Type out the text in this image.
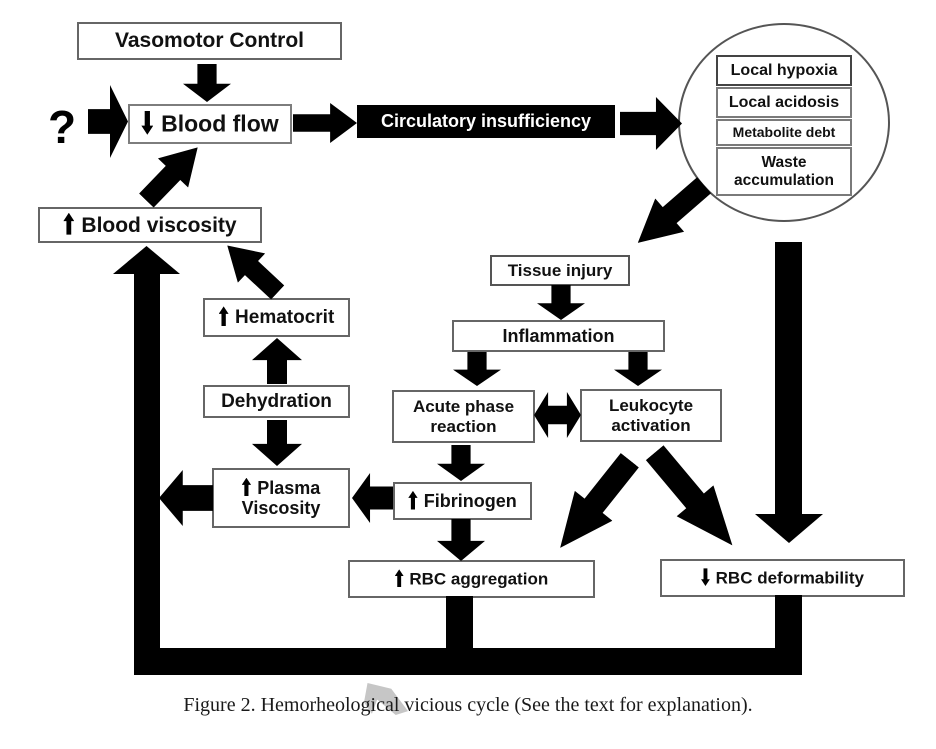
Vasomotor Control
Blood flow	Circulatory insufficiency
Local hypoxia
Local acidosis
Metabolite debt
Waste accumulation
Blood viscosity
Hematocrit
Dehydration
Tissue injury
Inflammation
Acute phase reaction
Leukocyte activation
Plasma Viscosity	Fibrinogen
RBC aggregation	RBC deformability
?
Figure 2. Hemorheological vicious cycle (See the text for explanation).
